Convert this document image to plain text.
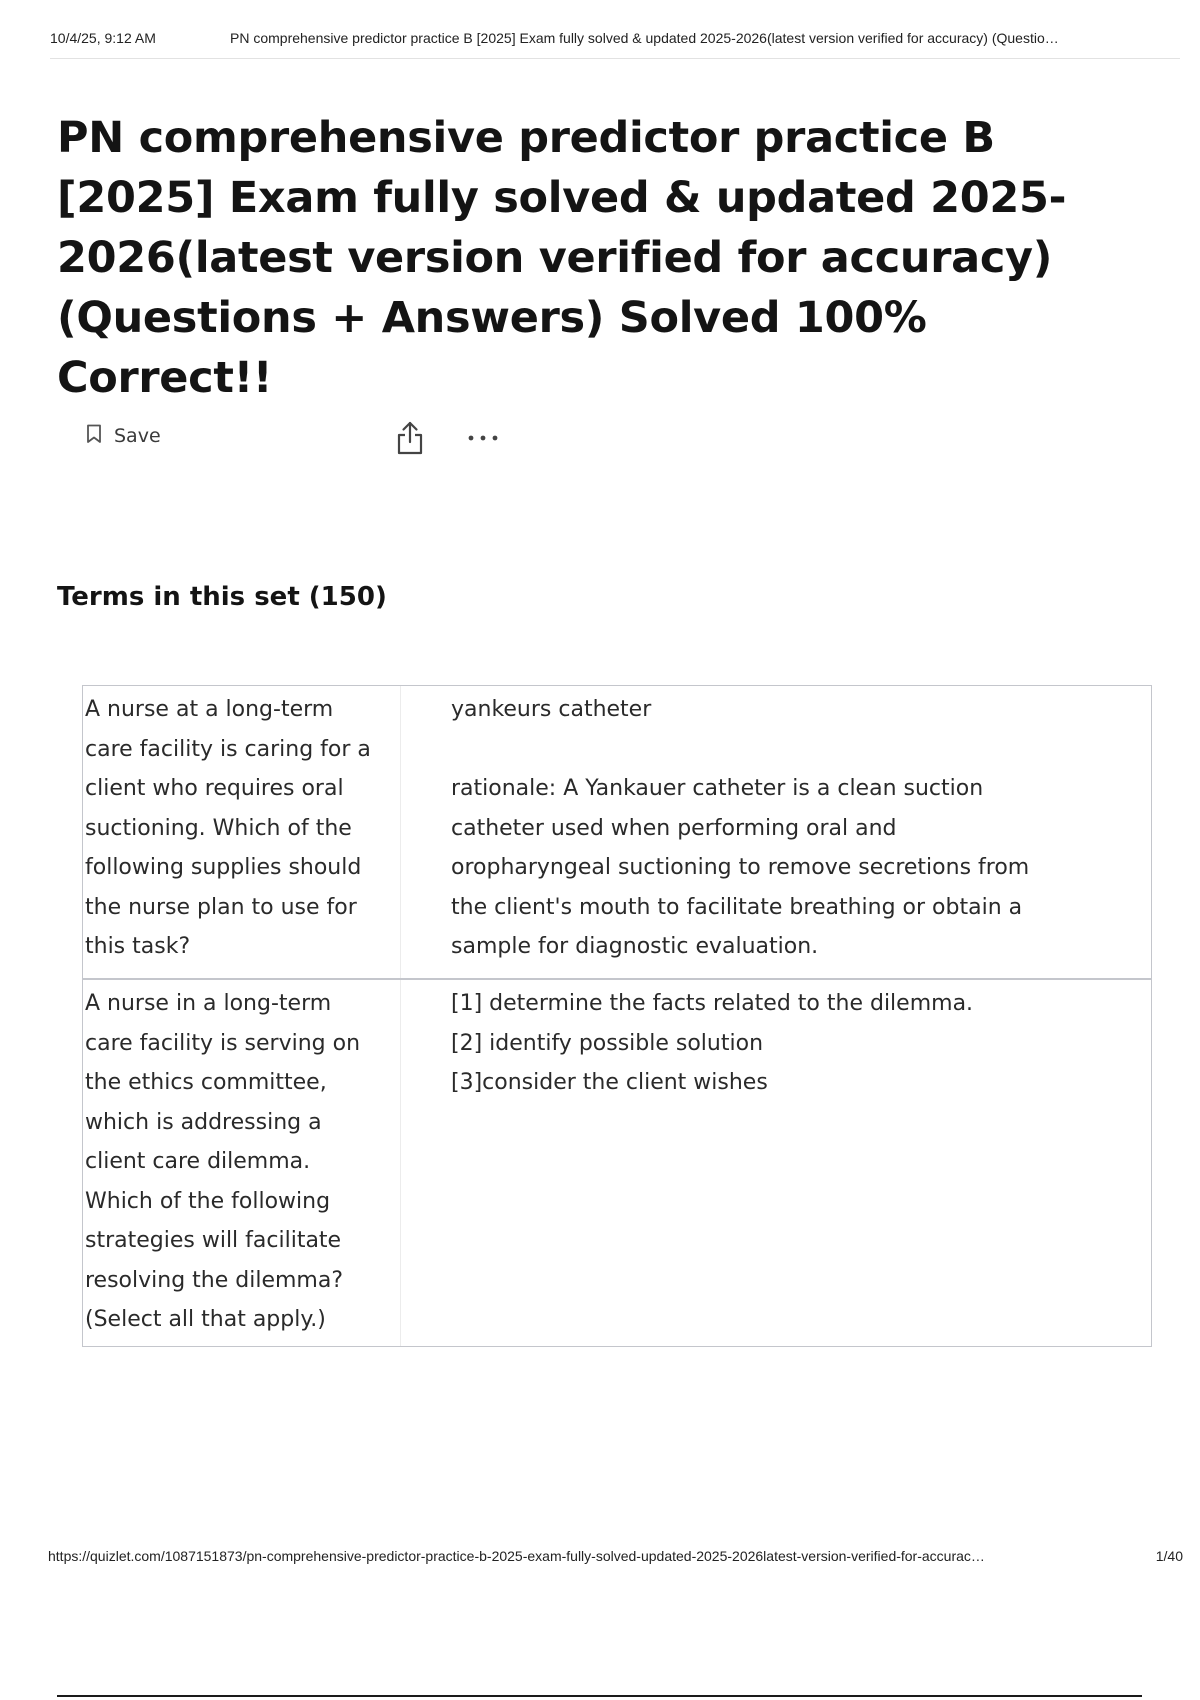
10/4/25, 9:12 AM	PN comprehensive predictor practice B [2025] Exam fully solved & updated 2025-2026(latest version verified for accuracy) (Questio…
PN comprehensive predictor practice B [2025] Exam fully solved & updated 2025-2026(latest version verified for accuracy) (Questions + Answers) Solved 100% Correct!!
Save
Terms in this set (150)
A nurse at a long-term
care facility is caring for a
client who requires oral
suctioning. Which of the
following supplies should
the nurse plan to use for
this task?
yankeurs catheter

rationale: A Yankauer catheter is a clean suction
catheter used when performing oral and
oropharyngeal suctioning to remove secretions from
the client's mouth to facilitate breathing or obtain a
sample for diagnostic evaluation.
A nurse in a long-term
care facility is serving on
the ethics committee,
which is addressing a
client care dilemma.
Which of the following
strategies will facilitate
resolving the dilemma?
(Select all that apply.)
[1] determine the facts related to the dilemma.
[2] identify possible solution
[3]consider the client wishes
https://quizlet.com/1087151873/pn-comprehensive-predictor-practice-b-2025-exam-fully-solved-updated-2025-2026latest-version-verified-for-accurac…	1/40
